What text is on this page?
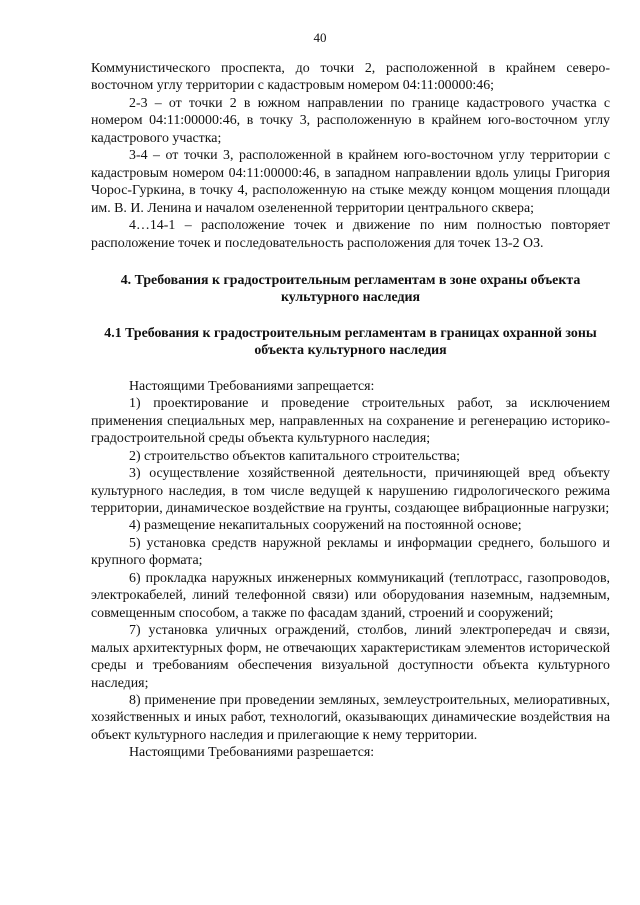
40

Коммунистического проспекта, до точки 2, расположенной в крайнем северо-восточном углу территории с кадастровым номером 04:11:00000:46;

2-3 – от точки 2 в южном направлении по границе кадастрового участка с номером 04:11:00000:46, в точку 3, расположенную в крайнем юго-восточном углу кадастрового участка;

3-4 – от точки 3, расположенной в крайнем юго-восточном углу территории с кадастровым номером 04:11:00000:46, в западном направлении вдоль улицы Григория Чорос-Гуркина, в точку 4, расположенную на стыке между концом мощения площади им. В. И. Ленина и началом озелененной территории центрального сквера;

4…14-1 – расположение точек и движение по ним полностью повторяет расположение точек и последовательность расположения для точек 13-2 ОЗ.

4. Требования к градостроительным регламентам в зоне охраны объекта культурного наследия
4.1 Требования к градостроительным регламентам в границах охранной зоны объекта культурного наследия

Настоящими Требованиями запрещается:

1) проектирование и проведение строительных работ, за исключением применения специальных мер, направленных на сохранение и регенерацию историко-градостроительной среды объекта культурного наследия;

2) строительство объектов капитального строительства;

3) осуществление хозяйственной деятельности, причиняющей вред объекту культурного наследия, в том числе ведущей к нарушению гидрологического режима территории, динамическое воздействие на грунты, создающее вибрационные нагрузки;

4) размещение некапитальных сооружений на постоянной основе;

5) установка средств наружной рекламы и информации среднего, большого и крупного формата;

6) прокладка наружных инженерных коммуникаций (теплотрасс, газопроводов, электрокабелей, линий телефонной связи) или оборудования наземным, надземным, совмещенным способом, а также по фасадам зданий, строений и сооружений;

7) установка уличных ограждений, столбов, линий электропередач и связи, малых архитектурных форм, не отвечающих характеристикам элементов исторической среды и требованиям обеспечения визуальной доступности объекта культурного наследия;

8) применение при проведении земляных, землеустроительных, мелиоративных, хозяйственных и иных работ, технологий, оказывающих динамические воздействия на объект культурного наследия и прилегающие к нему территории.

Настоящими Требованиями разрешается:
